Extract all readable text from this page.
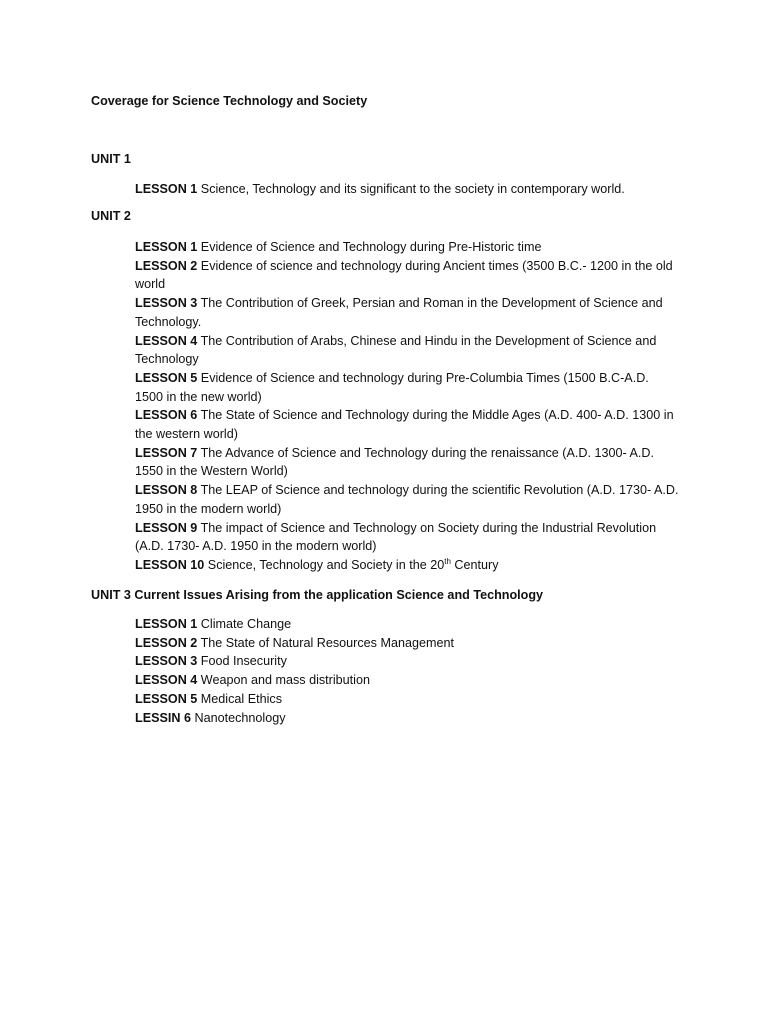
Coverage for Science Technology and Society
UNIT 1
LESSON 1 Science, Technology and its significant to the society in contemporary world.
UNIT 2
LESSON 1 Evidence of Science and Technology during Pre-Historic time
LESSON 2 Evidence of science and technology during Ancient times (3500 B.C.- 1200 in the old world
LESSON 3 The Contribution of Greek, Persian and Roman in the Development of Science and Technology.
LESSON 4 The Contribution of Arabs, Chinese and Hindu in the Development of Science and Technology
LESSON 5 Evidence of Science and technology during Pre-Columbia Times (1500 B.C-A.D. 1500 in the new world)
LESSON 6 The State of Science and Technology during the Middle Ages (A.D. 400- A.D. 1300 in the western world)
LESSON 7 The Advance of Science and Technology during the renaissance (A.D. 1300- A.D. 1550 in the Western World)
LESSON 8 The LEAP of Science and technology during the scientific Revolution (A.D. 1730- A.D. 1950 in the modern world)
LESSON 9 The impact of Science and Technology on Society during the Industrial Revolution (A.D. 1730- A.D. 1950 in the modern world)
LESSON 10 Science, Technology and Society in the 20th Century
UNIT 3 Current Issues Arising from the application Science and Technology
LESSON 1 Climate Change
LESSON 2 The State of Natural Resources Management
LESSON 3 Food Insecurity
LESSON 4 Weapon and mass distribution
LESSON 5 Medical Ethics
LESSIN 6 Nanotechnology
